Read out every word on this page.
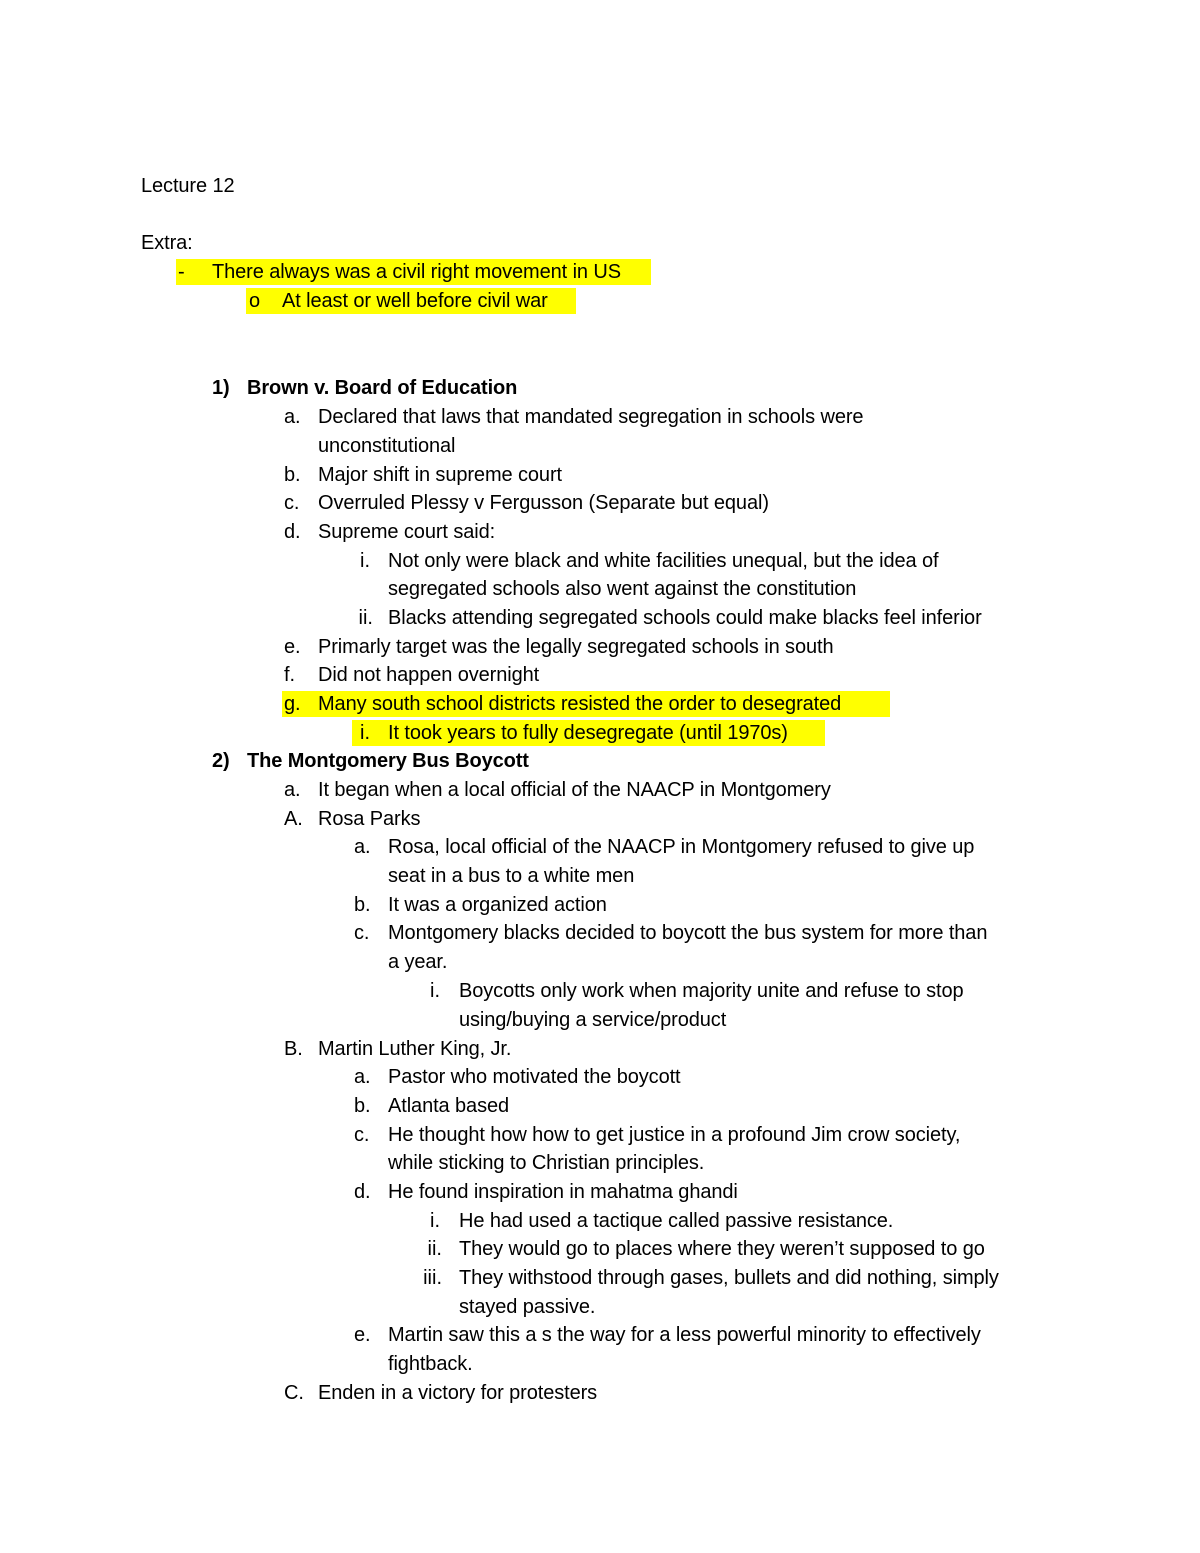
Lecture 12
Extra:
- There always was a civil right movement in US
o At least or well before civil war
1) Brown v. Board of Education
a. Declared that laws that mandated segregation in schools were
unconstitutional
b. Major shift in supreme court
c. Overruled Plessy v Fergusson (Separate but equal)
d. Supreme court said:
i. Not only were black and white facilities unequal, but the idea of
segregated schools also went against the constitution
ii. Blacks attending segregated schools could make blacks feel inferior
e. Primarly target was the legally segregated schools in south
f. Did not happen overnight
g. Many south school districts resisted the order to desegrated
i. It took years to fully desegregate (until 1970s)
2) The Montgomery Bus Boycott
a. It began when a local official of the NAACP in Montgomery
A. Rosa Parks
a. Rosa, local official of the NAACP in Montgomery refused to give up
seat in a bus to a white men
b. It was a organized action
c. Montgomery blacks decided to boycott the bus system for more than
a year.
i. Boycotts only work when majority unite and refuse to stop
using/buying a service/product
B. Martin Luther King, Jr.
a. Pastor who motivated the boycott
b. Atlanta based
c. He thought how how to get justice in a profound Jim crow society,
while sticking to Christian principles.
d. He found inspiration in mahatma ghandi
i. He had used a tactique called passive resistance.
ii. They would go to places where they weren’t supposed to go
iii. They withstood through gases, bullets and did nothing, simply
stayed passive.
e. Martin saw this a s the way for a less powerful minority to effectively
fightback.
C. Enden in a victory for protesters
